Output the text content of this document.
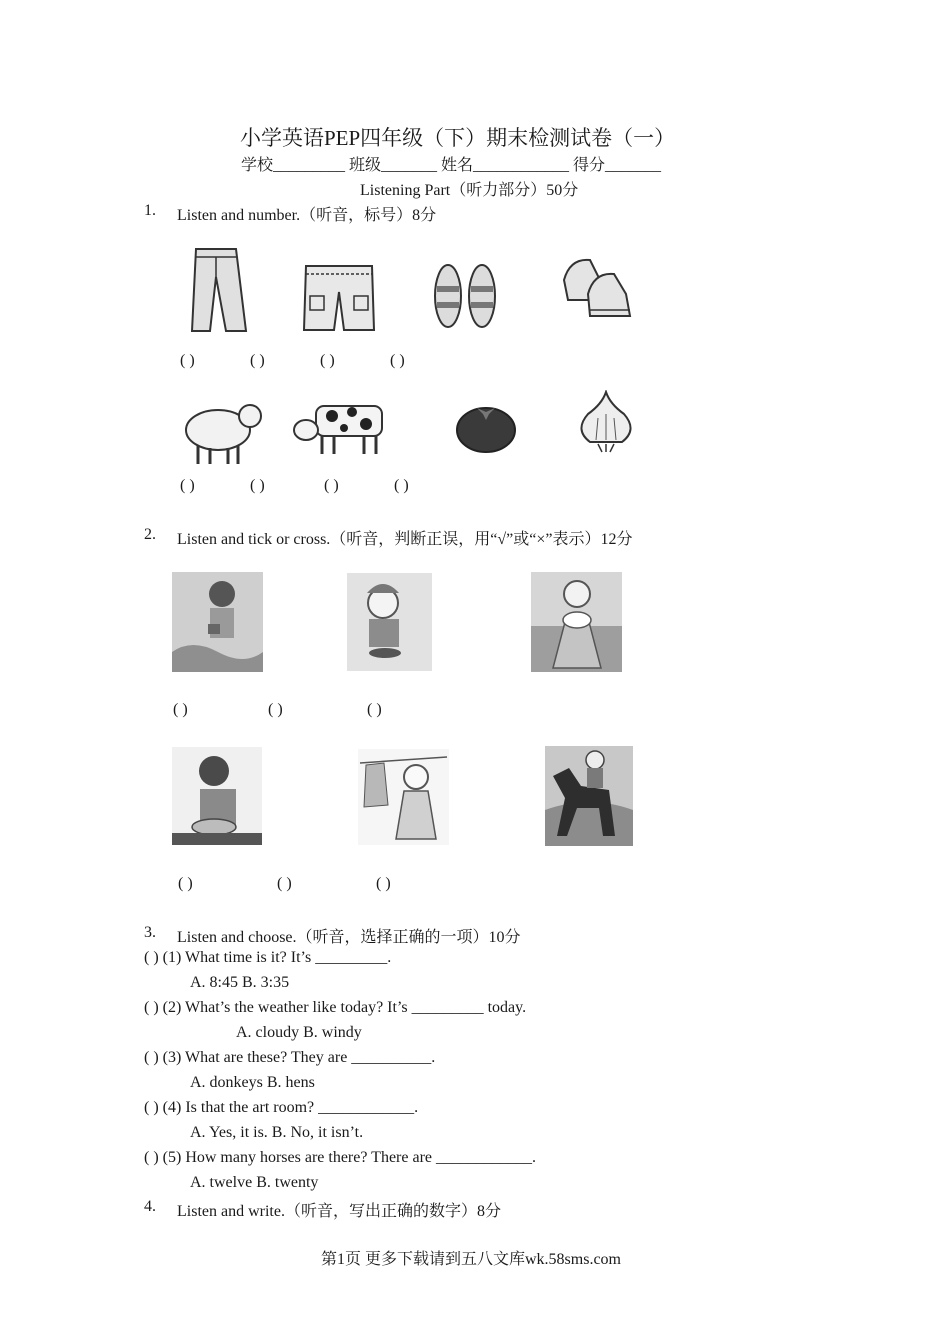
小学英语PEP四年级（下）期末检测试卷（一）
学校_________ 班级_______ 姓名____________ 得分_______
Listening Part（听力部分）50分
1. Listen and number.（听音，标号）8分
( )	( )	( )	( )
( )	( )	( )	( )
2. Listen and tick or cross.（听音，判断正误，用“√”或“×”表示）12分
( )	( )	( )
( )	( )	( )
3. Listen and choose.（听音，选择正确的一项）10分
( ) (1) What time is it? It’s _________.
A. 8:45 B. 3:35
( ) (2) What’s the weather like today? It’s _________ today.
A. cloudy B. windy
( ) (3) What are these? They are __________.
A. donkeys B. hens
( ) (4) Is that the art room? ____________.
A. Yes, it is. B. No, it isn’t.
( ) (5) How many horses are there? There are ____________.
A. twelve B. twenty
4. Listen and write.（听音，写出正确的数字）8分
第1页 更多下载请到五八文库wk.58sms.com
